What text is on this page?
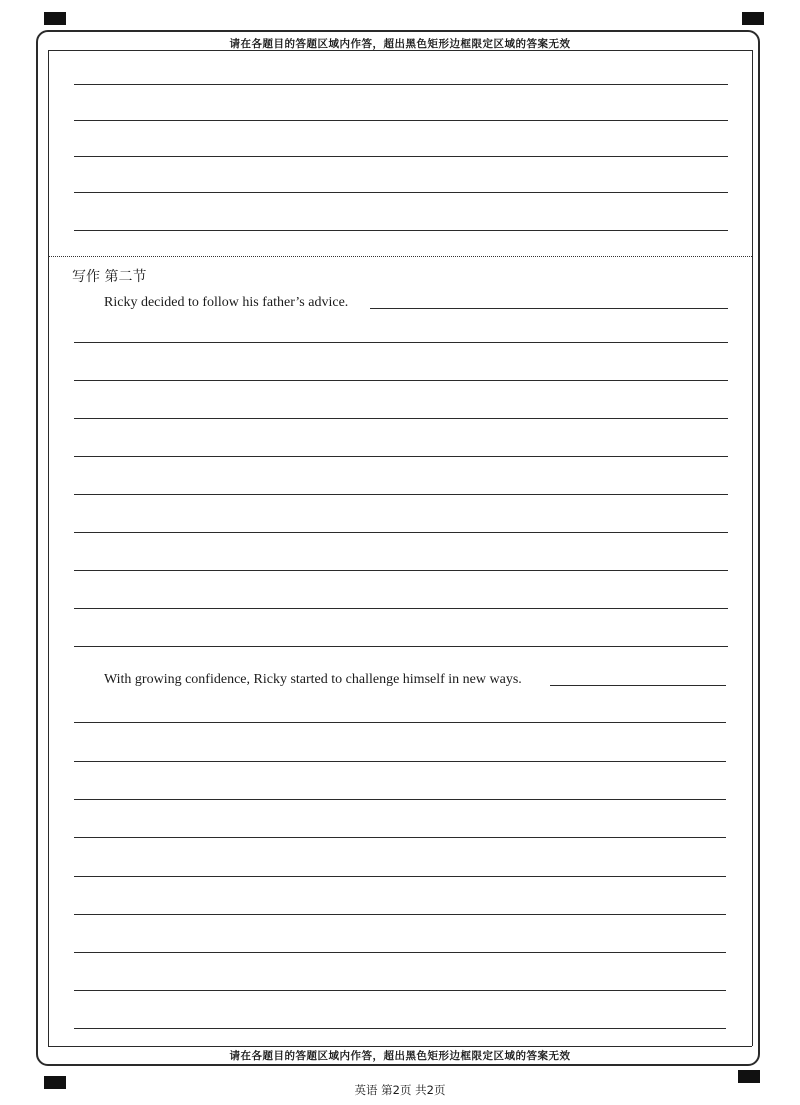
请在各题目的答题区域内作答，超出黑色矩形边框限定区域的答案无效
请在各题目的答题区域内作答，超出黑色矩形边框限定区域的答案无效
写作 第二节
Ricky decided to follow his father’s advice.
With growing confidence, Ricky started to challenge himself in new ways.
英语 第2页 共2页
